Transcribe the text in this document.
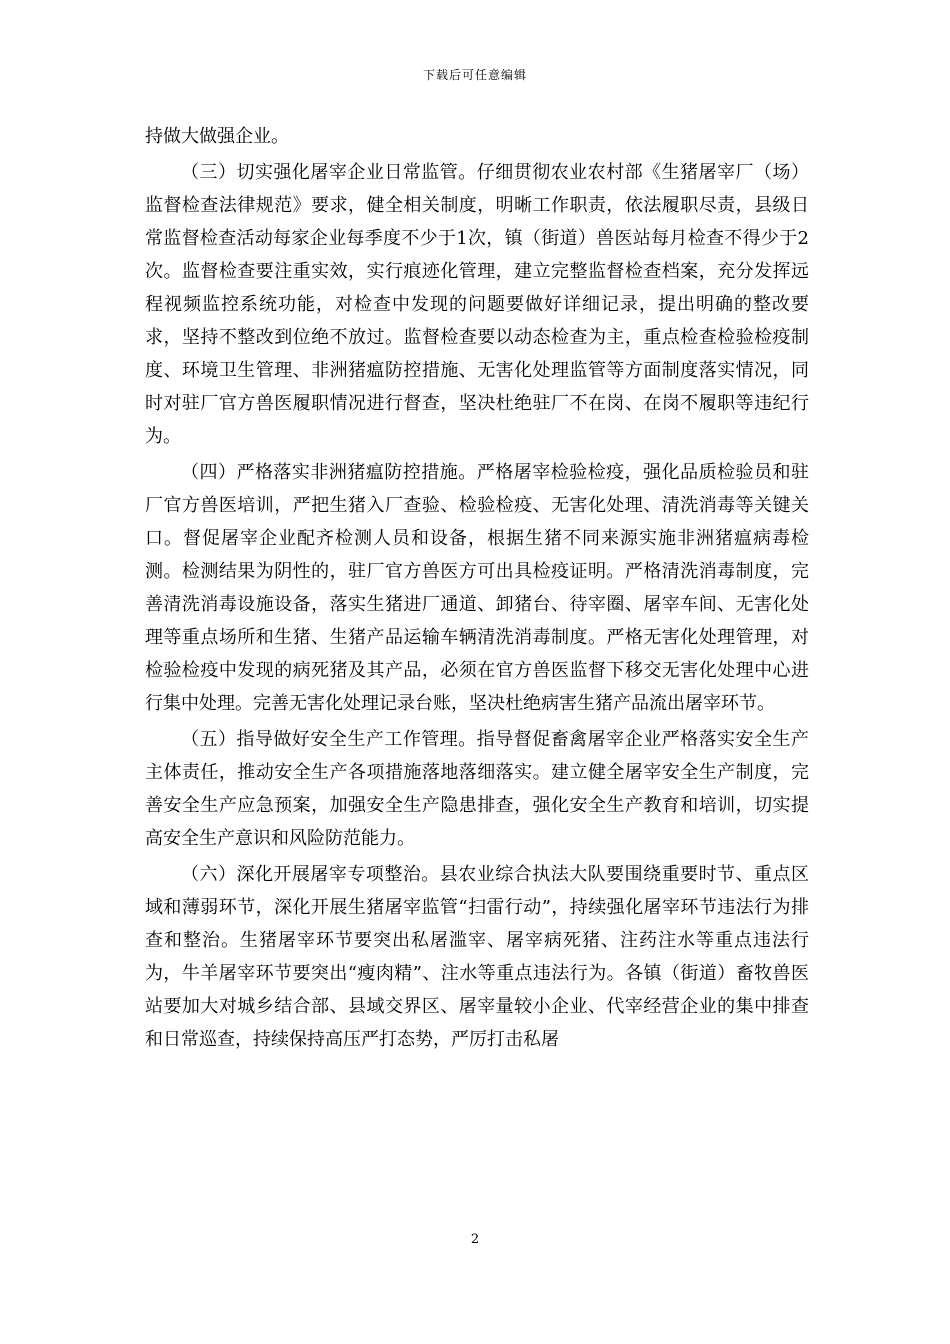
下载后可任意编辑

持做大做强企业。

（三）切实强化屠宰企业日常监管。仔细贯彻农业农村部《生猪屠宰厂（场）监督检查法律规范》要求，健全相关制度，明晰工作职责，依法履职尽责，县级日常监督检查活动每家企业每季度不少于1次，镇（街道）兽医站每月检查不得少于2次。监督检查要注重实效，实行痕迹化管理，建立完整监督检查档案，充分发挥远程视频监控系统功能，对检查中发现的问题要做好详细记录，提出明确的整改要求，坚持不整改到位绝不放过。监督检查要以动态检查为主，重点检查检验检疫制度、环境卫生管理、非洲猪瘟防控措施、无害化处理监管等方面制度落实情况，同时对驻厂官方兽医履职情况进行督查，坚决杜绝驻厂不在岗、在岗不履职等违纪行为。

（四）严格落实非洲猪瘟防控措施。严格屠宰检验检疫，强化品质检验员和驻厂官方兽医培训，严把生猪入厂查验、检验检疫、无害化处理、清洗消毒等关键关口。督促屠宰企业配齐检测人员和设备，根据生猪不同来源实施非洲猪瘟病毒检测。检测结果为阴性的，驻厂官方兽医方可出具检疫证明。严格清洗消毒制度，完善清洗消毒设施设备，落实生猪进厂通道、卸猪台、待宰圈、屠宰车间、无害化处理等重点场所和生猪、生猪产品运输车辆清洗消毒制度。严格无害化处理管理，对检验检疫中发现的病死猪及其产品，必须在官方兽医监督下移交无害化处理中心进行集中处理。完善无害化处理记录台账，坚决杜绝病害生猪产品流出屠宰环节。

（五）指导做好安全生产工作管理。指导督促畜禽屠宰企业严格落实安全生产主体责任，推动安全生产各项措施落地落细落实。建立健全屠宰安全生产制度，完善安全生产应急预案，加强安全生产隐患排查，强化安全生产教育和培训，切实提高安全生产意识和风险防范能力。

（六）深化开展屠宰专项整治。县农业综合执法大队要围绕重要时节、重点区域和薄弱环节，深化开展生猪屠宰监管“扫雷行动”，持续强化屠宰环节违法行为排查和整治。生猪屠宰环节要突出私屠滥宰、屠宰病死猪、注药注水等重点违法行为，牛羊屠宰环节要突出“瘦肉精”、注水等重点违法行为。各镇（街道）畜牧兽医站要加大对城乡结合部、县域交界区、屠宰量较小企业、代宰经营企业的集中排查和日常巡查，持续保持高压严打态势，严厉打击私屠

2
